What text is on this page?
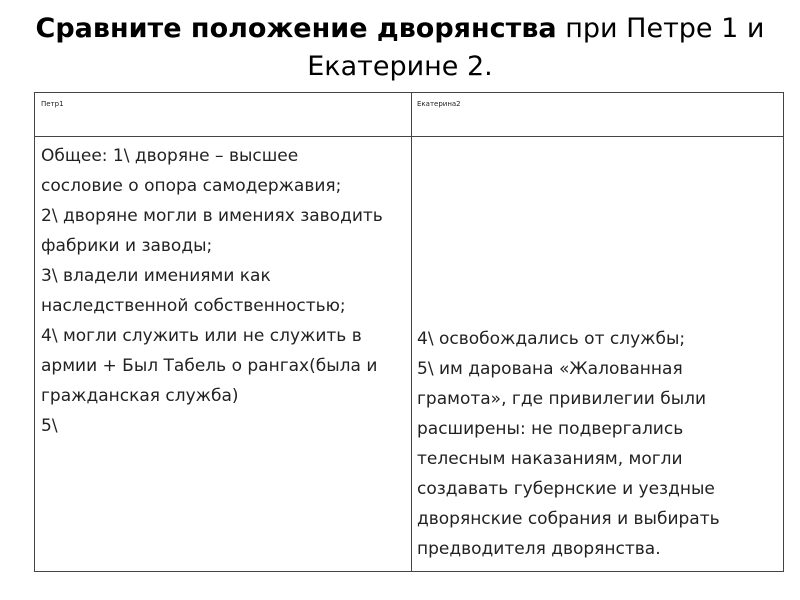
Сравните положение дворянства при Петре 1 и
Екатерине 2.
Петр1	Екатерина2
Общее: 1\ дворяне – высшее
сословие о опора самодержавия;
2\ дворяне могли в имениях заводить
фабрики и заводы;
3\ владели имениями как
наследственной собственностью;
4\ могли служить или не служить в
армии + Был Табель о рангах(была и
гражданская служба)
5\
4\ освобождались от службы;
5\ им дарована «Жалованная
грамота», где привилегии были
расширены: не подвергались
телесным наказаниям, могли
создавать губернские и уездные
дворянские собрания и выбирать
предводителя дворянства.
